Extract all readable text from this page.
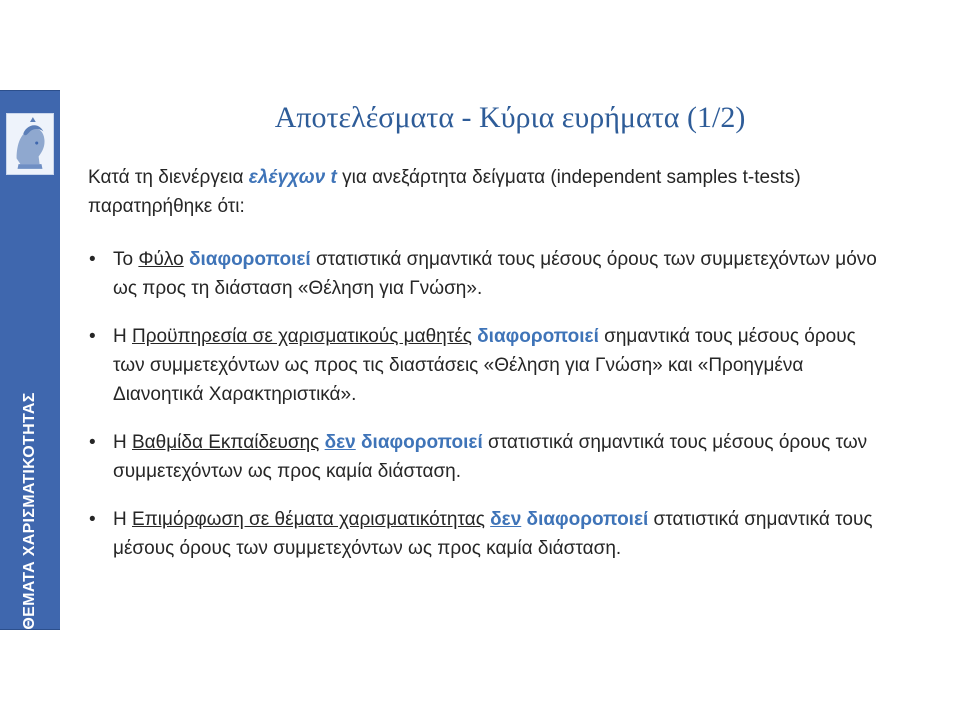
ΘΕΜΑΤΑ ΧΑΡΙΣΜΑΤΙΚΟΤΗΤΑΣ
Αποτελέσματα - Κύρια ευρήματα (1/2)

Κατά τη διενέργεια ελέγχων t για ανεξάρτητα δείγματα (independent samples t-tests) παρατηρήθηκε ότι:

• Το Φύλο διαφοροποιεί στατιστικά σημαντικά τους μέσους όρους των συμμετεχόντων μόνο ως προς τη διάσταση «Θέληση για Γνώση».
• Η Προϋπηρεσία σε χαρισματικούς μαθητές διαφοροποιεί σημαντικά τους μέσους όρους των συμμετεχόντων ως προς τις διαστάσεις «Θέληση για Γνώση» και «Προηγμένα Διανοητικά Χαρακτηριστικά».
• Η Βαθμίδα Εκπαίδευσης δεν διαφοροποιεί στατιστικά σημαντικά τους μέσους όρους των συμμετεχόντων ως προς καμία διάσταση.
• Η Επιμόρφωση σε θέματα χαρισματικότητας δεν διαφοροποιεί στατιστικά σημαντικά τους μέσους όρους των συμμετεχόντων ως προς καμία διάσταση.
